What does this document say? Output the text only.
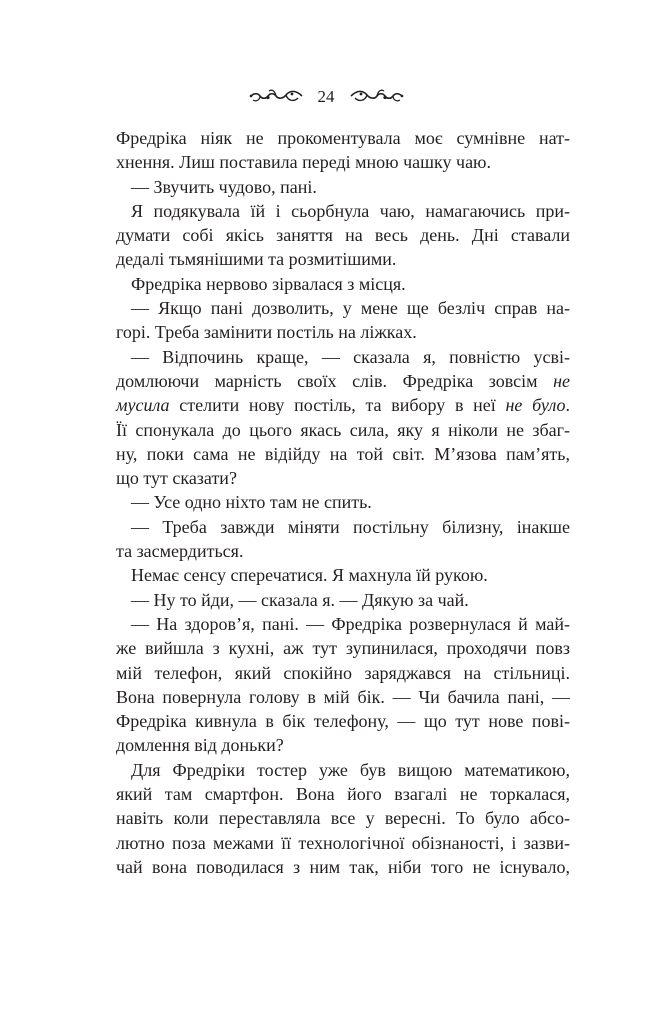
24
Фредріка ніяк не прокоментувала моє сумнівне нат-
хнення. Лиш поставила переді мною чашку чаю.
— Звучить чудово, пані.
Я подякувала їй і сьорбнула чаю, намагаючись при-
думати собі якісь заняття на весь день. Дні ставали
дедалі тьмянішими та розмитішими.
Фредріка нервово зірвалася з місця.
— Якщо пані дозволить, у мене ще безліч справ на-
горі. Треба замінити постіль на ліжках.
— Відпочинь краще, — сказала я, повністю усві-
домлюючи марність своїх слів. Фредріка зовсім не
мусила стелити нову постіль, та вибору в неї не було.
Її спонукала до цього якась сила, яку я ніколи не збаг-
ну, поки сама не відійду на той світ. М’язова пам’ять,
що тут сказати?
— Усе одно ніхто там не спить.
— Треба завжди міняти постільну білизну, інакше
та засмердиться.
Немає сенсу сперечатися. Я махнула їй рукою.
— Ну то йди, — сказала я. — Дякую за чай.
— На здоров’я, пані. — Фредріка розвернулася й май-
же вийшла з кухні, аж тут зупинилася, проходячи повз
мій телефон, який спокійно заряджався на стільниці.
Вона повернула голову в мій бік. — Чи бачила пані, —
Фредріка кивнула в бік телефону, — що тут нове пові-
домлення від доньки?
Для Фредріки тостер уже був вищою математикою,
який там смартфон. Вона його взагалі не торкалася,
навіть коли переставляла все у вересні. То було абсо-
лютно поза межами її технологічної обізнаності, і зазви-
чай вона поводилася з ним так, ніби того не існувало,
